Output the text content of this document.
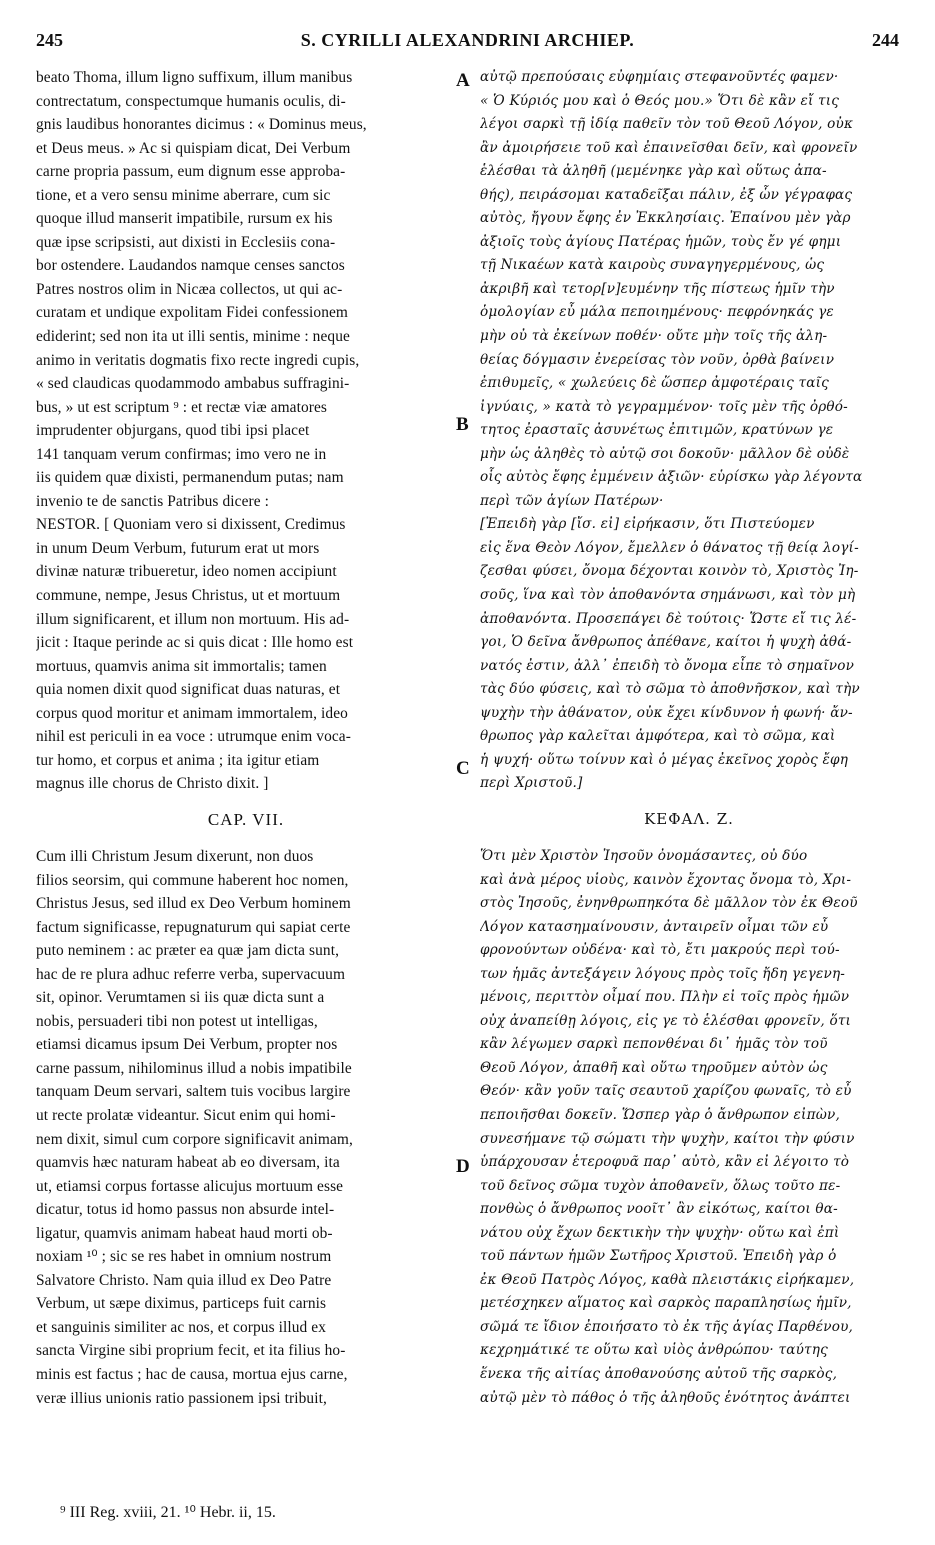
245	S. CYRILLI ALEXANDRINI ARCHIEP.	244
beato Thoma, illum ligno suffixum, illum manibus
contrectatum, conspectumque humanis oculis, di-
gnis laudibus honorantes dicimus : « Dominus meus,
et Deus meus. » Ac si quispiam dicat, Dei Verbum
carne propria passum, eum dignum esse approba-
tione, et a vero sensu minime aberrare, cum sic
quoque illud manserit impatibile, rursum ex his
quæ ipse scripsisti, aut dixisti in Ecclesiis cona-
bor ostendere. Laudandos namque censes sanctos
Patres nostros olim in Nicæa collectos, ut qui ac-
curatam et undique expolitam Fidei confessionem
ediderint; sed non ita ut illi sentis, minime : neque
animo in veritatis dogmatis fixo recte ingredi cupis,
« sed claudicas quodammodo ambabus suffragini-
bus, » ut est scriptum ⁹ : et rectæ viæ amatores
imprudenter objurgans, quod tibi ipsi placet
141 tanquam verum confirmas; imo vero ne in
iis quidem quæ dixisti, permanendum putas; nam
invenio te de sanctis Patribus dicere :
NESTOR. [ Quoniam vero si dixissent, Credimus
in unum Deum Verbum, futurum erat ut mors
divinæ naturæ tribueretur, ideo nomen accipiunt
commune, nempe, Jesus Christus, ut et mortuum
illum significarent, et illum non mortuum. His ad-
jicit : Itaque perinde ac si quis dicat : Ille homo est
mortuus, quamvis anima sit immortalis; tamen
quia nomen dixit quod significat duas naturas, et
corpus quod moritur et animam immortalem, ideo
nihil est periculi in ea voce : utrumque enim voca-
tur homo, et corpus et anima ; ita igitur etiam
magnus ille chorus de Christo dixit. ]
CAP. VII.
Cum illi Christum Jesum dixerunt, non duos
filios seorsim, qui commune haberent hoc nomen,
Christus Jesus, sed illud ex Deo Verbum hominem
factum significasse, repugnaturum qui sapiat certe
puto neminem : ac præter ea quæ jam dicta sunt,
hac de re plura adhuc referre verba, supervacuum
sit, opinor. Verumtamen si iis quæ dicta sunt a
nobis, persuaderi tibi non potest ut intelligas,
etiamsi dicamus ipsum Dei Verbum, propter nos
carne passum, nihilominus illud a nobis impatibile
tanquam Deum servari, saltem tuis vocibus largire
ut recte prolatæ videantur. Sicut enim qui homi-
nem dixit, simul cum corpore significavit animam,
quamvis hæc naturam habeat ab eo diversam, ita
ut, etiamsi corpus fortasse alicujus mortuum esse
dicatur, totus id homo passus non absurde intel-
ligatur, quamvis animam habeat haud morti ob-
noxiam ¹⁰ ; sic se res habet in omnium nostrum
Salvatore Christo. Nam quia illud ex Deo Patre
Verbum, ut sæpe diximus, particeps fuit carnis
et sanguinis similiter ac nos, et corpus illud ex
sancta Virgine sibi proprium fecit, et ita filius ho-
minis est factus ; hac de causa, mortua ejus carne,
veræ illius unionis ratio passionem ipsi tribuit,
αὐτῷ πρεπούσαις εὐφημίαις στεφανοῦντές φαμεν·
« Ὁ Κύριός μου καὶ ὁ Θεός μου.» Ὅτι δὲ κἂν εἴ τις
λέγοι σαρκὶ τῇ ἰδίᾳ παθεῖν τὸν τοῦ Θεοῦ Λόγον, οὐκ
ἂν ἀμοιρήσειε τοῦ καὶ ἐπαινεῖσθαι δεῖν, καὶ φρονεῖν
ἑλέσθαι τὰ ἀληθῆ (μεμένηκε γὰρ καὶ οὕτως ἀπα-
θής), πειράσομαι καταδεῖξαι πάλιν, ἐξ ὧν γέγραφας
αὐτὸς, ἤγουν ἔφης ἐν Ἐκκλησίαις. Ἐπαίνου μὲν γὰρ
ἀξιοῖς τοὺς ἁγίους Πατέρας ἡμῶν, τοὺς ἔν γέ φημι
τῇ Νικαέων κατὰ καιροὺς συναγηγερμένους, ὡς
ἀκριβῆ καὶ τετορ[ν]ευμένην τῆς πίστεως ἡμῖν τὴν
ὁμολογίαν εὖ μάλα πεποιημένους· πεφρόνηκάς γε
μὴν οὐ τὰ ἐκείνων ποθέν· οὔτε μὴν τοῖς τῆς ἀλη-
θείας δόγμασιν ἐνερείσας τὸν νοῦν, ὀρθὰ βαίνειν
ἐπιθυμεῖς, « χωλεύεις δὲ ὥσπερ ἀμφοτέραις ταῖς
ἰγνύαις, » κατὰ τὸ γεγραμμένον· τοῖς μὲν τῆς ὀρθό-
τητος ἐρασταῖς ἀσυνέτως ἐπιτιμῶν, κρατύνων γε
μὴν ὡς ἀληθὲς τὸ αὐτῷ σοι δοκοῦν· μᾶλλον δὲ οὐδὲ
οἷς αὐτὸς ἔφης ἐμμένειν ἀξιῶν· εὑρίσκω γὰρ λέγοντα
περὶ τῶν ἁγίων Πατέρων·
[Ἐπειδὴ γὰρ [ἴσ. εἰ] εἰρήκασιν, ὅτι Πιστεύομεν
εἰς ἕνα Θεὸν Λόγον, ἔμελλεν ὁ θάνατος τῇ θείᾳ λογί-
ζεσθαι φύσει, ὄνομα δέχονται κοινὸν τὸ, Χριστὸς Ἰη-
σοῦς, ἵνα καὶ τὸν ἀποθανόντα σημάνωσι, καὶ τὸν μὴ
ἀποθανόντα. Προσεπάγει δὲ τούτοις· Ὥστε εἴ τις λέ-
γοι, Ὁ δεῖνα ἄνθρωπος ἀπέθανε, καίτοι ἡ ψυχὴ ἀθά-
νατός ἐστιν, ἀλλ᾽ ἐπειδὴ τὸ ὄνομα εἶπε τὸ σημαῖνον
τὰς δύο φύσεις, καὶ τὸ σῶμα τὸ ἀποθνῆσκον, καὶ τὴν
ψυχὴν τὴν ἀθάνατον, οὐκ ἔχει κίνδυνον ἡ φωνή· ἄν-
θρωπος γὰρ καλεῖται ἀμφότερα, καὶ τὸ σῶμα, καὶ
ἡ ψυχή· οὕτω τοίνυν καὶ ὁ μέγας ἐκεῖνος χορὸς ἔφη
περὶ Χριστοῦ.]
ΚΕΦΑΛ. Ζ.
Ὅτι μὲν Χριστὸν Ἰησοῦν ὀνομάσαντες, οὐ δύο
καὶ ἀνὰ μέρος υἱοὺς, καινὸν ἔχοντας ὄνομα τὸ, Χρι-
στὸς Ἰησοῦς, ἐνηνθρωπηκότα δὲ μᾶλλον τὸν ἐκ Θεοῦ
Λόγον κατασημαίνουσιν, ἀνταιρεῖν οἶμαι τῶν εὖ
φρονούντων οὐδένα· καὶ τὸ, ἔτι μακρούς περὶ τού-
των ἡμᾶς ἀντεξάγειν λόγους πρὸς τοῖς ἤδη γεγενη-
μένοις, περιττὸν οἶμαί που. Πλὴν εἰ τοῖς πρὸς ἡμῶν
οὐχ ἀναπείθῃ λόγοις, εἰς γε τὸ ἑλέσθαι φρονεῖν, ὅτι
κἂν λέγωμεν σαρκὶ πεπονθέναι δι᾽ ἡμᾶς τὸν τοῦ
Θεοῦ Λόγον, ἀπαθῆ καὶ οὕτω τηροῦμεν αὐτὸν ὡς
Θεόν· κἂν γοῦν ταῖς σεαυτοῦ χαρίζου φωναῖς, τὸ εὖ
πεποιῆσθαι δοκεῖν. Ὥσπερ γὰρ ὁ ἄνθρωπον εἰπὼν,
συνεσήμανε τῷ σώματι τὴν ψυχὴν, καίτοι τὴν φύσιν
ὑπάρχουσαν ἑτεροφυᾶ παρ᾽ αὐτὸ, κἂν εἰ λέγοιτο τὸ
τοῦ δεῖνος σῶμα τυχὸν ἀποθανεῖν, ὅλως τοῦτο πε-
πονθὼς ὁ ἄνθρωπος νοοῖτ᾽ ἂν εἰκότως, καίτοι θα-
νάτου οὐχ ἔχων δεκτικὴν τὴν ψυχὴν· οὕτω καὶ ἐπὶ
τοῦ πάντων ἡμῶν Σωτῆρος Χριστοῦ. Ἐπειδὴ γὰρ ὁ
ἐκ Θεοῦ Πατρὸς Λόγος, καθὰ πλειστάκις εἰρήκαμεν,
μετέσχηκεν αἵματος καὶ σαρκὸς παραπλησίως ἡμῖν,
σῶμά τε ἴδιον ἐποιήσατο τὸ ἐκ τῆς ἁγίας Παρθένου,
κεχρημάτικέ τε οὕτω καὶ υἱὸς ἀνθρώπου· ταύτης
ἕνεκα τῆς αἰτίας ἀποθανούσης αὐτοῦ τῆς σαρκὸς,
αὐτῷ μὲν τὸ πάθος ὁ τῆς ἀληθοῦς ἑνότητος ἀνάπτει
A
B
C
D
⁹ III Reg. xviii, 21. ¹⁰ Hebr. ii, 15.
